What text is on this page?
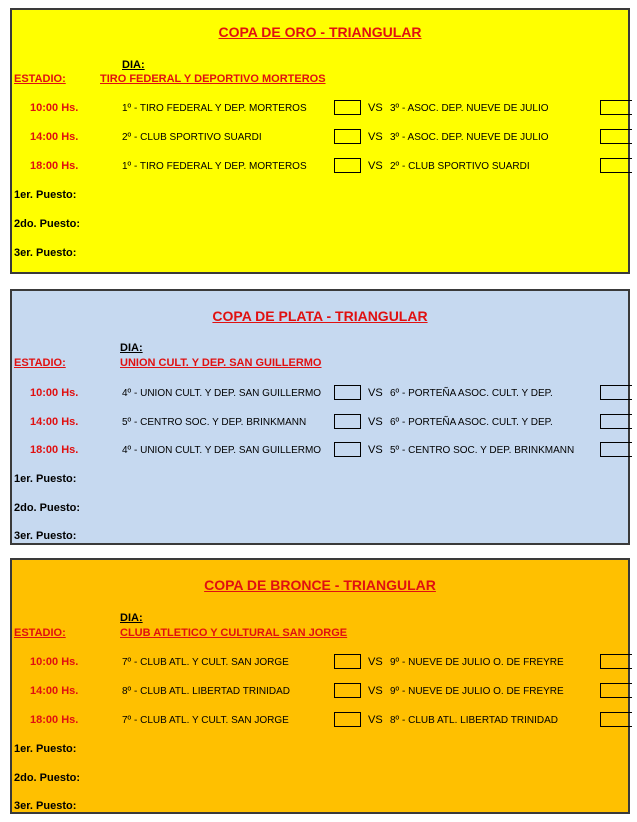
COPA DE ORO - TRIANGULAR
DIA:
ESTADIO:	TIRO FEDERAL Y DEPORTIVO MORTEROS
10:00 Hs.	1º - TIRO FEDERAL Y DEP. MORTEROS	VS 3º - ASOC. DEP. NUEVE DE JULIO
14:00 Hs.	2º - CLUB SPORTIVO SUARDI	VS 3º - ASOC. DEP. NUEVE DE JULIO
18:00 Hs.	1º - TIRO FEDERAL Y DEP. MORTEROS	VS 2º - CLUB SPORTIVO SUARDI
1er. Puesto:
2do. Puesto:
3er. Puesto:
COPA DE PLATA - TRIANGULAR
DIA:
ESTADIO:	UNION CULT. Y DEP. SAN GUILLERMO
10:00 Hs.	4º - UNION CULT. Y DEP. SAN GUILLERMO	VS 6º - PORTEÑA ASOC. CULT. Y DEP.
14:00 Hs.	5º - CENTRO SOC. Y DEP. BRINKMANN	VS 6º - PORTEÑA ASOC. CULT. Y DEP.
18:00 Hs.	4º - UNION CULT. Y DEP. SAN GUILLERMO	VS 5º - CENTRO SOC. Y DEP. BRINKMANN
1er. Puesto:
2do. Puesto:
3er. Puesto:
COPA DE BRONCE - TRIANGULAR
DIA:
ESTADIO:	CLUB ATLETICO Y CULTURAL SAN JORGE
10:00 Hs.	7º - CLUB ATL. Y CULT. SAN JORGE	VS 9º - NUEVE DE JULIO O. DE FREYRE
14:00 Hs.	8º - CLUB ATL. LIBERTAD TRINIDAD	VS 9º - NUEVE DE JULIO O. DE FREYRE
18:00 Hs.	7º - CLUB ATL. Y CULT. SAN JORGE	VS 8º - CLUB ATL. LIBERTAD TRINIDAD
1er. Puesto:
2do. Puesto:
3er. Puesto:
